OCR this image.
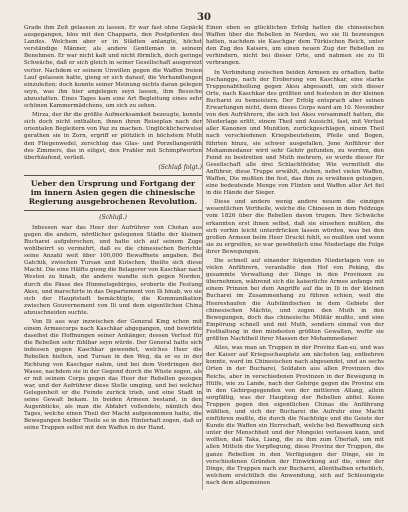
30

Grade ihm Zeit gelassen zu lassen. Er war fast ohne Gepäck ausgegangen, blos mit den Chapparis, den Postpferden des Landes. Welchem aber er in Städten anlangte, höchst verständige Männer, als andere Gentleman in seinem Benehmen. Er war nicht kalt und nicht förmlich, doch geringe Schwäche, daß er sich gleich in seiner Gesellschaft ausgereizt verlor. Nachdem er seinem Unwillen gegen die Waffen freien Lauf gelassen hatte, gieng er sich darauf, die Verhandlungen einzuleiten; doch konnte seiner Meinung nichts daran gelegen seyn, was ihn hier angelegen seyn lassen, ihm Besuche abzustatten. Eines Tages kam eine Art Begleitung eines sehr schönen Kammermädchens, um sich zu sehen.

Mirza, der ihr die größte Aufmerksamkeit bezeugte, konnte sich doch nicht enthalten, ihnen ihren Reiseplan nach der orientalen Begleitern von Paz zu machen. Unglücklicherweise gerathen sie in Zorn, ergriff er plötzlich in höchstem Muth den Fliegenwedel, zerschlug das Glas- und Porzellangeräth des Zimmers, das in eiligst, den Prahler mit Schimpfworten überhäufend, verließ.

(Schluß folgt.)
Ueber den Ursprung und Fortgang der im innern Asien gegen die chinesische Regierung ausgebrochenen Revolution.
(Schluß.)

Inbessen war das Heer der Aufrührer von Chotan aus gegen die andern, nördlicher gelegenen Städte der kleinen Bucharei aufgebrochen, und hatte sich auf seinem Zuge wohlbeirrt so vermehrt, daß es die chinesischen Berichte seine Anzahl weit über 100,000 Bewaffnete angaben. Bei Gatchik, zwischen Tursan und Kutschen, theilte sich diese Macht. Die eine Hälfte gieng die Belagerer von Kaschkar nach Westen zu hinab, die andere wandte sich gegen Norden, durch die Pässe des Himmelsgebirges, eroberte die Festung Aksu, und marschirte in das Departement von Ili hinab, wo sie sich der Hauptstadt bemächtigte, die Kommunikation zwischen Gouvernement von Ili und dem eigentlichen China abzuschneiden suchte.

Von Ili aus war inzwischen der General King schon mit einem Armeecorps nach Kaschkar abgegangen, und bewirkte daselbst die Hoffnungen seiner Anhänger, dessen Verlust für die Rebellen sehr fühlbar seyn würde. Der General hatte sich indessen gegen Kaschkar gewendet, welches Heer die Rebellen hielten, und Tursan in den Weg, da er es in der Richtung von Kaschgar nahm, und bei dem Vordringen der Wasse, nachdem sie in der Gegend durch die Wüste zogen, als er mit seinem Corps gegen das Heer der Rebellen gezogen war, und der Aufrührer diese Stelle umging, und bei welcher Gelegenheit er die Feinde zurück trieb, und eine Stadt in seine Gewalt bekam. In beiden Armeen bestand, in den Augenblicke, als man die Abfahrt vollendete, nämlich des Tages, welche einen Theil der Macht aufgenommen hatte, die Bewegungen beider Theile so in den Hinterhalt zogen, daß er seine Truppen selbst mit den Waffen in der Hand.

Einen eben so glücklichen Erfolg hatten die chinesischen Waffen über die Rebellen in Norden, wo sie Ili bezwungen hatten, nachdem sie Kaschgar dem Türkischen Reich, unter den Zug des Kaisers, um einen neuen Zug der Rebellen zu verhindern, nicht bei dieser Orte, und nahmen sie zu Ili verbrangen.

In Verbindung zwischen beiden Armeen zu erhalten, hatte Dschangge, nach der Eroberung von Kaschkar, eine starke Truppenabtheilung gegen Aksu abgesandt, um sich dieser Orte, nach Kaschkar des größten und festesten in der kleinen Bucharei zu bemeistern. Der Erfolg entsprach aber seinen Erwartungen nicht, denn dieses Corps ward am 10. November von den Aufrührern, die sich bei Aksu versammelt hatten, die Niederlage erlitt, einem Theil und Aussicht, fast, mit Verlust aller Kanonen und Munition, zurückgeschlagen, einem Theil nach verschiedenen Kriegsbeuteheim, Pfeile und Bogen, führten hinzu, sie schwer ausgefallen, Jene Anführer der Mohammedaner wird sehr Gehör gefunden, zu werden, den Feind zu bestreiten und Muth mehrern, so wurde dieser für Gesellschaft alle drei Schlachtfelder, Wie vermittelt die Anführer, diese Truppe erwählt, stehen, nebst vielen Waffen, Waffen, Die mußten ihn fest, das ihm zu erwähnen gelungen, eine bedeutende Menge von Flinten und Waffen aller Art fiel in die Hände der Sieger.

Diese und andere wenig andere neuem die einzigen wesentlichen Vortheile, welche die Chinesen in dem Feldzuge vom 1826 über die Rebellen davon trugen. Ihre Schwäche erkannten erst ihnen selbst, daß sie einsehen mußten, die sich vorhin leicht unterdrücken lassen würden, was bei den großen Armeen beim Heer Druckt fehlt, so mußten und wenn sie zu ergreifen, so war gewöhnlich eine Niederlage die Folge ihrer Bewegungen.

Die schnell auf einander folgenden Niederlagen von so vielen Anführern, veranlaßte den Hof von Peking, die gesammte Verwaltung der Dinge in den Provinzen zu übernehmen, während sich die kaiserliche Armee anfangs mit einem Prinzen bei dem Angriffe auf die in Ili in der kleinen Bucharei im Zusammenhang zu führen schien, weil die Heereshaufen die Aufständischen in dem Gebiete der chinesischen Mächte, und zogen den Muth in den Bewegungen, doch das chinesische Militär mußte, und eine Empörung schnell und mit Muth, sondern einmal von der Festhaltung in den mindesten größten Gewalten, wofür sie größten Nachtheil ihrer Massen der Mohammedaner.

Alles, was man an Truppen in der Provinz Kan-su, und was der Kaiser auf Kriegsschauplatz am nächsten lag, entbehren konnte, ward im Chinesischen nach abgesendet, und an sechs Orten in der Bucharei, Soldaten aus allen Provinzen des Reichs, aber in verschiedenen Provinzen in der Bewegung in Hülfe, wie zu Lande, nach der Gebirge gegen die Provinz ein in den Gebirgsgegenden von der mittleren Allang, allein sorgfältig, was der Hauptzug der Rebellen abfiel. Keine Truppen gegen den eigentlichen Chinas die Anführung wählten, und sich der Bucharei die Aufruhr eine Macht einführen mußte, die durch die Nachfolge und die Geiste der Kunde die Waffen ein Herrschaft, welche bei Bewaffnung sich unter der Menschheit und der Mongolei verlassen kann, und wollten, daß Taka, Liang, die zu ihm zum Überlaß, um mit allen Mitteln die Verpflegung, diese Provinz der Truppen, die ganze Rebellion in den Verfügungen der Dinge, sie in verschiedenen Gründen der Einwirkung auf die, einer der Dinge, die Truppen nach zur Bucharei, allenthalben erheblich, welchem ersichtlich die Anwendung, sich auf Schleunigste nach dem allgemeinen
